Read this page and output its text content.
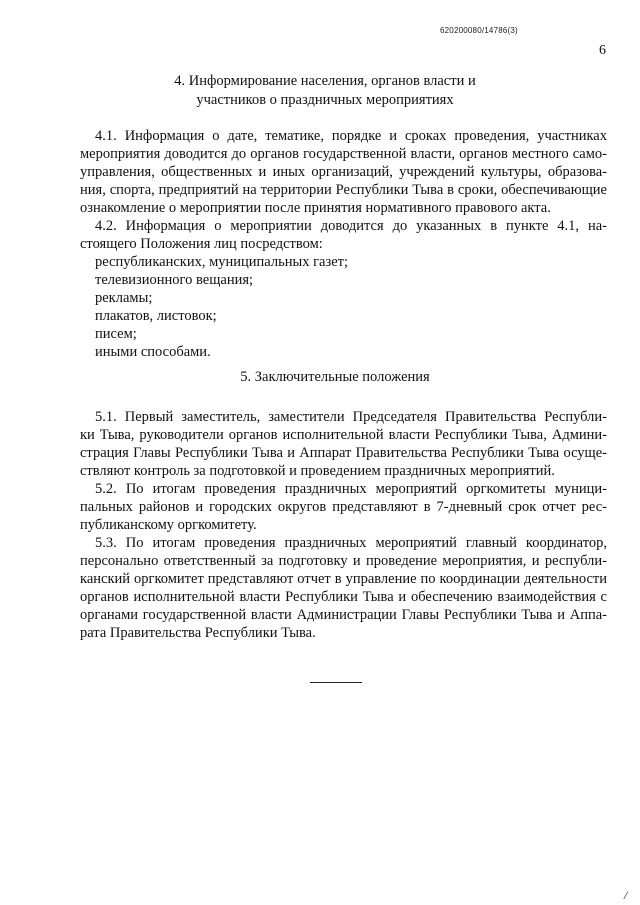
620200080/14786(3)
6
4. Информирование населения, органов власти и
участников о праздничных мероприятиях
4.1. Информация о дате, тематике, порядке и сроках проведения, участниках
мероприятия доводится до органов государственной власти, органов местного само-
управления, общественных и иных организаций, учреждений культуры, образова-
ния, спорта, предприятий на территории Республики Тыва в сроки, обеспечивающие
ознакомление о мероприятии после принятия нормативного правового акта.
4.2. Информация о мероприятии доводится до указанных в пункте 4.1, на-
стоящего Положения лиц посредством:
республиканских, муниципальных газет;
телевизионного вещания;
рекламы;
плакатов, листовок;
писем;
иными способами.
5. Заключительные положения
5.1. Первый заместитель, заместители Председателя Правительства Республи-
ки Тыва, руководители органов исполнительной власти Республики Тыва, Админи-
страция Главы Республики Тыва и Аппарат Правительства Республики Тыва осуще-
ствляют контроль за подготовкой и проведением праздничных мероприятий.
5.2. По итогам проведения праздничных мероприятий оргкомитеты муници-
пальных районов и городских округов представляют в 7-дневный срок отчет рес-
публиканскому оргкомитету.
5.3. По итогам проведения праздничных мероприятий главный координатор,
персонально ответственный за подготовку и проведение мероприятия, и республи-
канский оргкомитет представляют отчет в управление по координации деятельности
органов исполнительной власти Республики Тыва и обеспечению взаимодействия с
органами государственной власти Администрации Главы Республики Тыва и Аппа-
рата Правительства Республики Тыва.
/
